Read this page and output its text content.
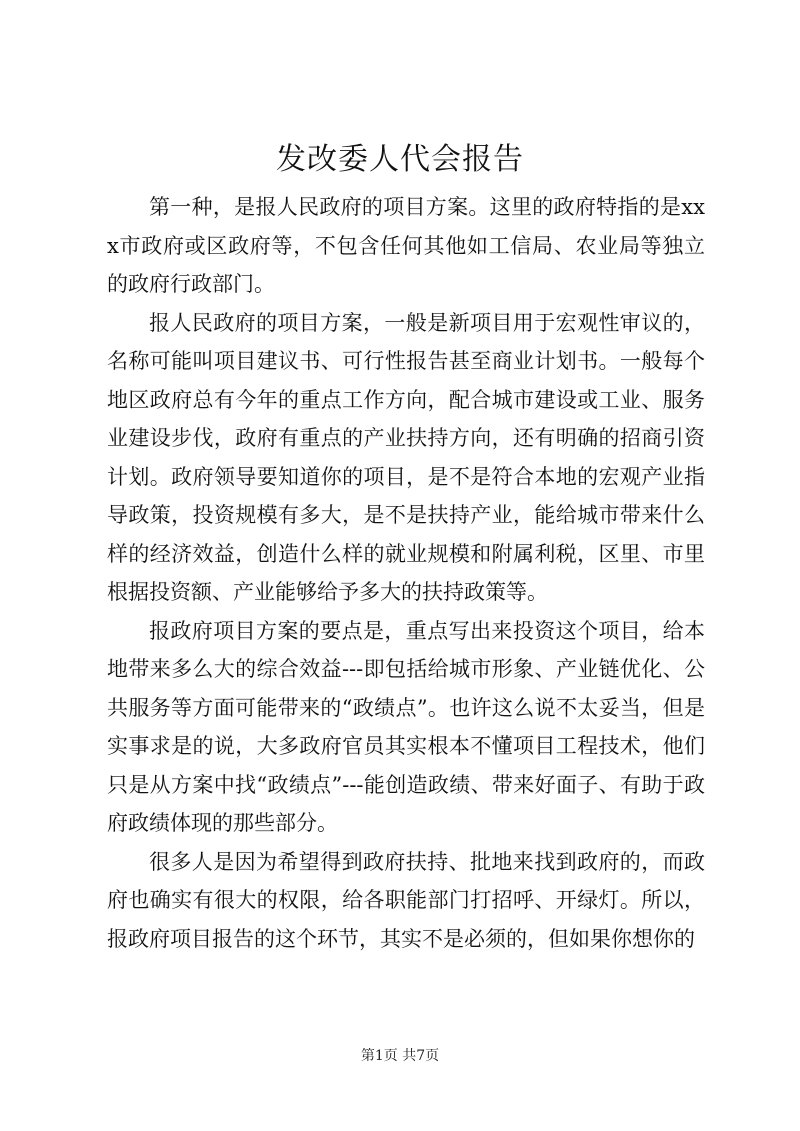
发改委人代会报告

第一种，是报人民政府的项目方案。这里的政府特指的是xxx市政府或区政府等，不包含任何其他如工信局、农业局等独立的政府行政部门。

报人民政府的项目方案，一般是新项目用于宏观性审议的，名称可能叫项目建议书、可行性报告甚至商业计划书。一般每个地区政府总有今年的重点工作方向，配合城市建设或工业、服务业建设步伐，政府有重点的产业扶持方向，还有明确的招商引资计划。政府领导要知道你的项目，是不是符合本地的宏观产业指导政策，投资规模有多大，是不是扶持产业，能给城市带来什么样的经济效益，创造什么样的就业规模和附属利税，区里、市里根据投资额、产业能够给予多大的扶持政策等。

报政府项目方案的要点是，重点写出来投资这个项目，给本地带来多么大的综合效益---即包括给城市形象、产业链优化、公共服务等方面可能带来的“政绩点”。也许这么说不太妥当，但是实事求是的说，大多政府官员其实根本不懂项目工程技术，他们只是从方案中找“政绩点”---能创造政绩、带来好面子、有助于政府政绩体现的那些部分。

很多人是因为希望得到政府扶持、批地来找到政府的，而政府也确实有很大的权限，给各职能部门打招呼、开绿灯。所以，报政府项目报告的这个环节，其实不是必须的，但如果你想你的

第1页 共7页
